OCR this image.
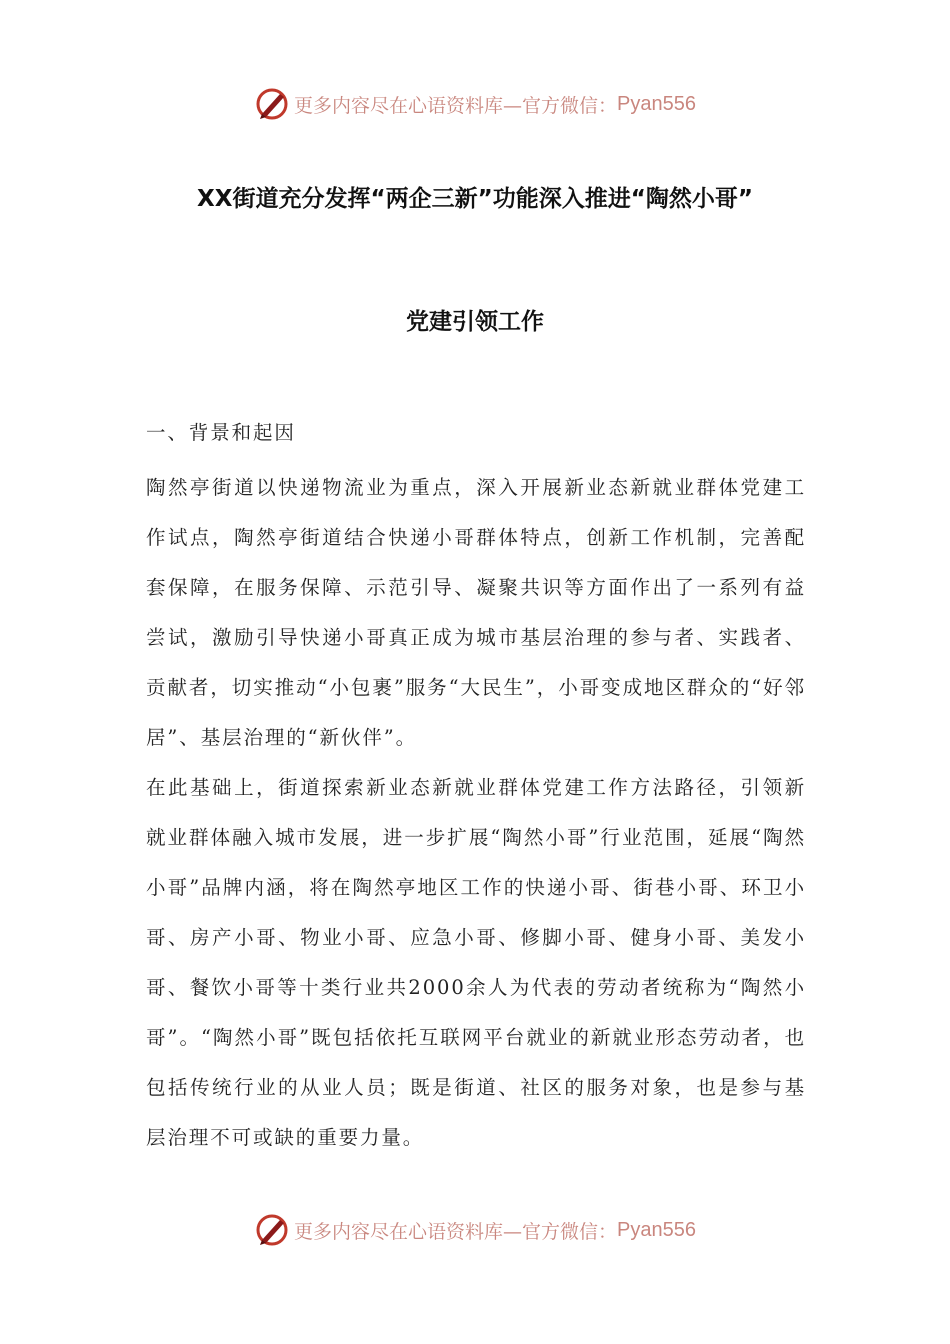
更多内容尽在心语资料库—官方微信： Pyan556
XX街道充分发挥“两企三新”功能深入推进“陶然小哥”
党建引领工作
一、背景和起因

陶然亭街道以快递物流业为重点，深入开展新业态新就业群体党建工作试点，陶然亭街道结合快递小哥群体特点，创新工作机制，完善配套保障，在服务保障、示范引导、凝聚共识等方面作出了一系列有益尝试，激励引导快递小哥真正成为城市基层治理的参与者、实践者、贡献者，切实推动“小包裹”服务“大民生”，小哥变成地区群众的“好邻居”、基层治理的“新伙伴”。

在此基础上，街道探索新业态新就业群体党建工作方法路径，引领新就业群体融入城市发展，进一步扩展“陶然小哥”行业范围，延展“陶然小哥”品牌内涵，将在陶然亭地区工作的快递小哥、街巷小哥、环卫小哥、房产小哥、物业小哥、应急小哥、修脚小哥、健身小哥、美发小哥、餐饮小哥等十类行业共2000余人为代表的劳动者统称为“陶然小哥”。“陶然小哥”既包括依托互联网平台就业的新就业形态劳动者，也包括传统行业的从业人员；既是街道、社区的服务对象，也是参与基层治理不可或缺的重要力量。

更多内容尽在心语资料库—官方微信： Pyan556
